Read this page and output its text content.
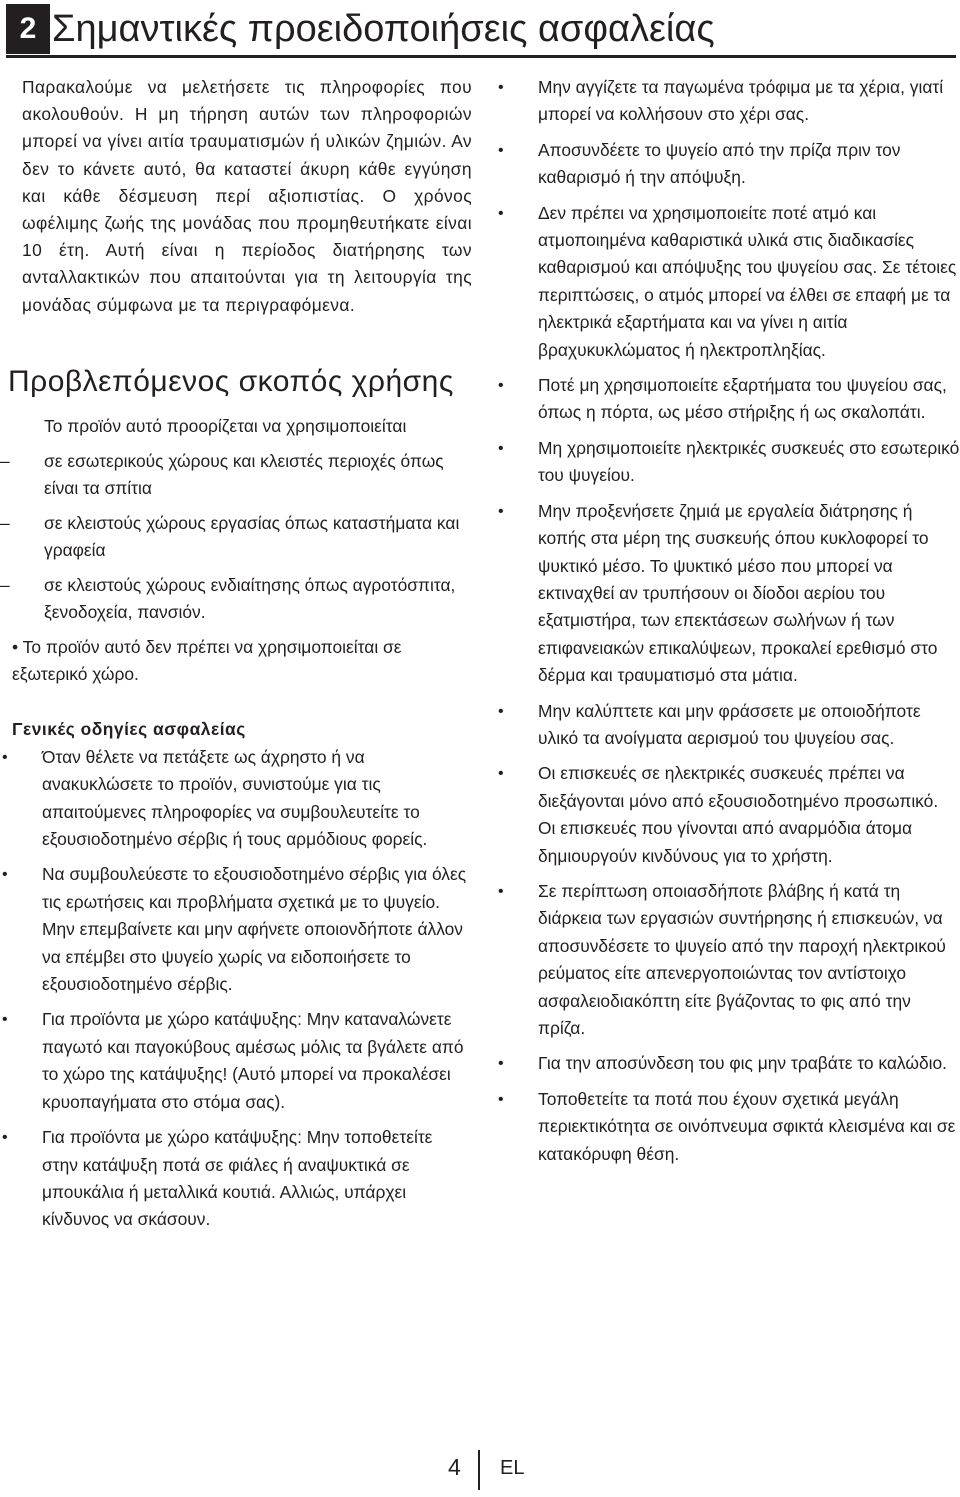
2 Σημαντικές προειδοποιήσεις ασφαλείας

Παρακαλούμε να μελετήσετε τις πληροφορίες που ακολουθούν. Η μη τήρηση αυτών των πληροφοριών μπορεί να γίνει αιτία τραυματισμών ή υλικών ζημιών. Αν δεν το κάνετε αυτό, θα καταστεί άκυρη κάθε εγγύηση και κάθε δέσμευση περί αξιοπιστίας. Ο χρόνος ωφέλιμης ζωής της μονάδας που προμηθευτήκατε είναι 10 έτη. Αυτή είναι η περίοδος διατήρησης των ανταλλακτικών που απαιτούνται για τη λειτουργία της μονάδας σύμφωνα με τα περιγραφόμενα.

Προβλεπόμενος σκοπός χρήσης
Το προϊόν αυτό προορίζεται να χρησιμοποιείται
– σε εσωτερικούς χώρους και κλειστές περιοχές όπως είναι τα σπίτια
– σε κλειστούς χώρους εργασίας όπως καταστήματα και γραφεία
– σε κλειστούς χώρους ενδιαίτησης όπως αγροτόσπιτα, ξενοδοχεία, πανσιόν.
• Το προϊόν αυτό δεν πρέπει να χρησιμοποιείται σε εξωτερικό χώρο.
Γενικές οδηγίες ασφαλείας
• Όταν θέλετε να πετάξετε ως άχρηστο ή να ανακυκλώσετε το προϊόν, συνιστούμε για τις απαιτούμενες πληροφορίες να συμβουλευτείτε το εξουσιοδοτημένο σέρβις ή τους αρμόδιους φορείς.
• Να συμβουλεύεστε το εξουσιοδοτημένο σέρβις για όλες τις ερωτήσεις και προβλήματα σχετικά με το ψυγείο. Μην επεμβαίνετε και μην αφήνετε οποιονδήποτε άλλον να επέμβει στο ψυγείο χωρίς να ειδοποιήσετε το εξουσιοδοτημένο σέρβις.
• Για προϊόντα με χώρο κατάψυξης: Μην καταναλώνετε παγωτό και παγοκύβους αμέσως μόλις τα βγάλετε από το χώρο της κατάψυξης! (Αυτό μπορεί να προκαλέσει κρυοπαγήματα στο στόμα σας).
• Για προϊόντα με χώρο κατάψυξης: Μην τοποθετείτε στην κατάψυξη ποτά σε φιάλες ή αναψυκτικά σε μπουκάλια ή μεταλλικά κουτιά. Αλλιώς, υπάρχει κίνδυνος να σκάσουν.
• Μην αγγίζετε τα παγωμένα τρόφιμα με τα χέρια, γιατί μπορεί να κολλήσουν στο χέρι σας.
• Αποσυνδέετε το ψυγείο από την πρίζα πριν τον καθαρισμό ή την απόψυξη.
• Δεν πρέπει να χρησιμοποιείτε ποτέ ατμό και ατμοποιημένα καθαριστικά υλικά στις διαδικασίες καθαρισμού και απόψυξης του ψυγείου σας. Σε τέτοιες περιπτώσεις, ο ατμός μπορεί να έλθει σε επαφή με τα ηλεκτρικά εξαρτήματα και να γίνει η αιτία βραχυκυκλώματος ή ηλεκτροπληξίας.
• Ποτέ μη χρησιμοποιείτε εξαρτήματα του ψυγείου σας, όπως η πόρτα, ως μέσο στήριξης ή ως σκαλοπάτι.
• Μη χρησιμοποιείτε ηλεκτρικές συσκευές στο εσωτερικό του ψυγείου.
• Μην προξενήσετε ζημιά με εργαλεία διάτρησης ή κοπής στα μέρη της συσκευής όπου κυκλοφορεί το ψυκτικό μέσο. Το ψυκτικό μέσο που μπορεί να εκτιναχθεί αν τρυπήσουν οι δίοδοι αερίου του εξατμιστήρα, των επεκτάσεων σωλήνων ή των επιφανειακών επικαλύψεων, προκαλεί ερεθισμό στο δέρμα και τραυματισμό στα μάτια.
• Μην καλύπτετε και μην φράσσετε με οποιοδήποτε υλικό τα ανοίγματα αερισμού του ψυγείου σας.
• Οι επισκευές σε ηλεκτρικές συσκευές πρέπει να διεξάγονται μόνο από εξουσιοδοτημένο προσωπικό. Οι επισκευές που γίνονται από αναρμόδια άτομα δημιουργούν κινδύνους για το χρήστη.
• Σε περίπτωση οποιασδήποτε βλάβης ή κατά τη διάρκεια των εργασιών συντήρησης ή επισκευών, να αποσυνδέσετε το ψυγείο από την παροχή ηλεκτρικού ρεύματος είτε απενεργοποιώντας τον αντίστοιχο ασφαλειοδιακόπτη είτε βγάζοντας το φις από την πρίζα.
• Για την αποσύνδεση του φις μην τραβάτε το καλώδιο.
• Τοποθετείτε τα ποτά που έχουν σχετικά μεγάλη περιεκτικότητα σε οινόπνευμα σφικτά κλεισμένα και σε κατακόρυφη θέση.
4 EL
